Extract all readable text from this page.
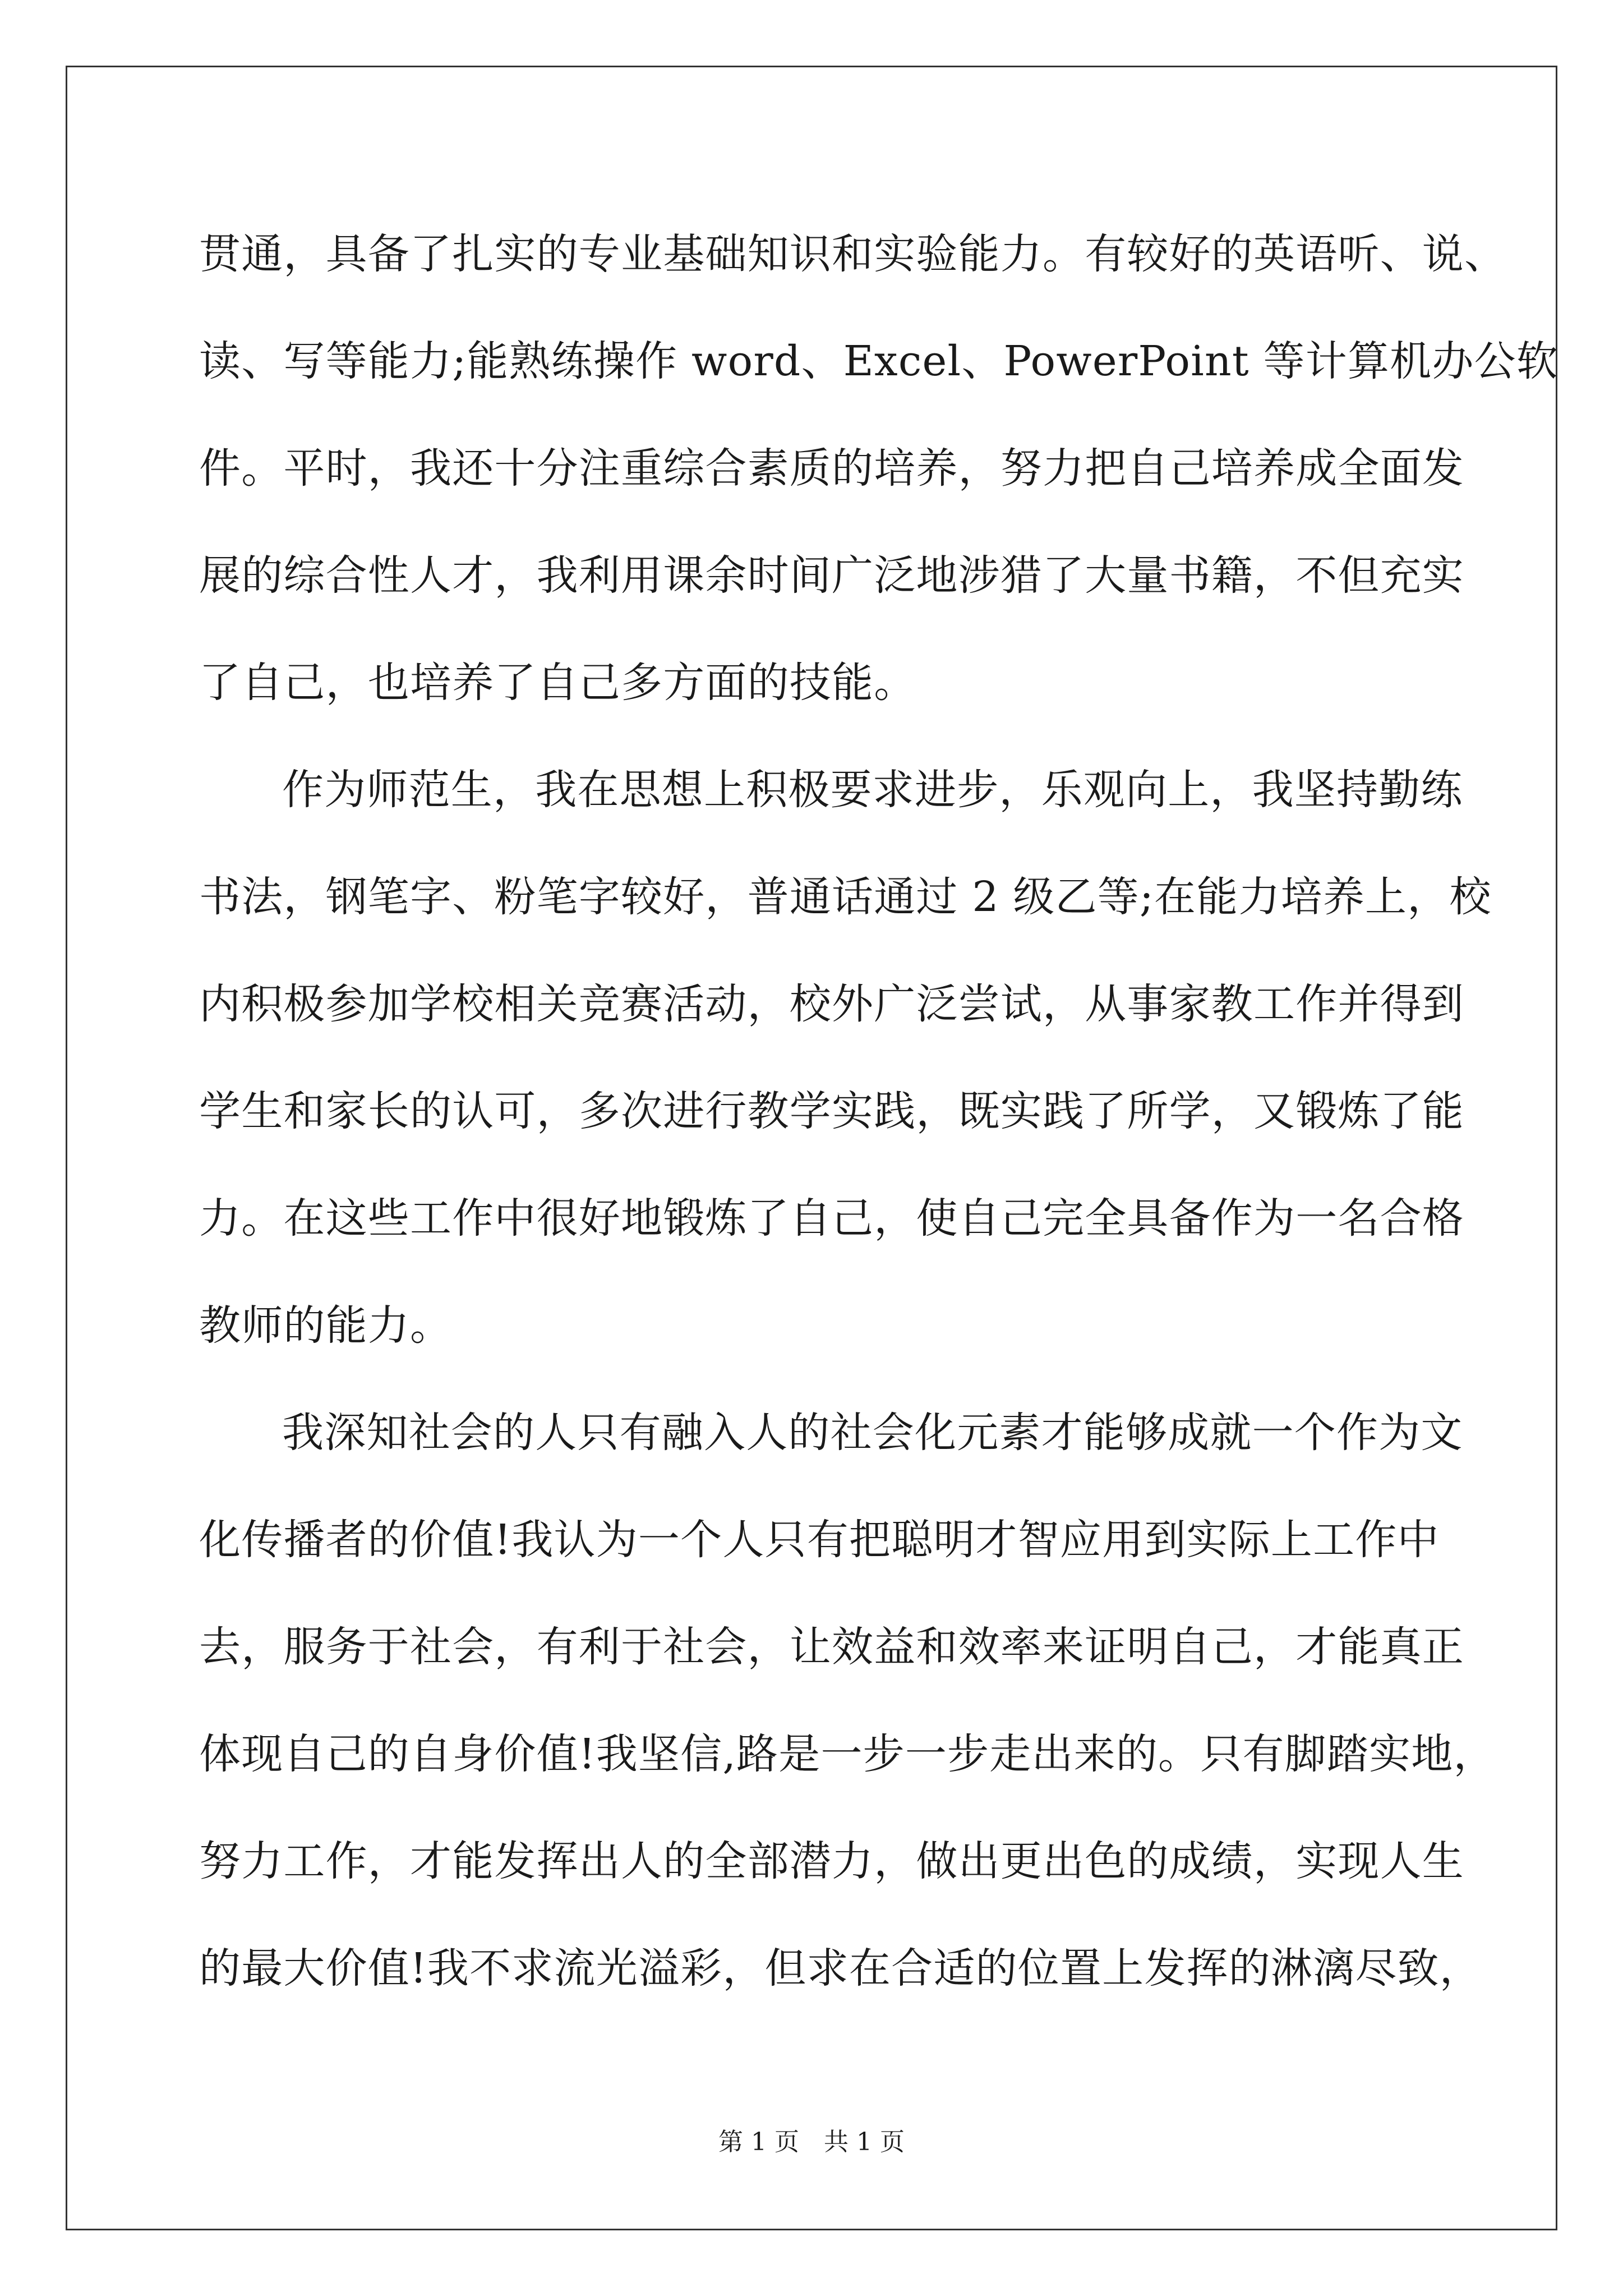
贯通，具备了扎实的专业基础知识和实验能力。有较好的英语听、说、
读、写等能力;能熟练操作 word、Excel、PowerPoint 等计算机办公软
件。平时，我还十分注重综合素质的培养，努力把自己培养成全面发
展的综合性人才，我利用课余时间广泛地涉猎了大量书籍，不但充实
了自己，也培养了自己多方面的技能。
作为师范生，我在思想上积极要求进步，乐观向上，我坚持勤练
书法，钢笔字、粉笔字较好，普通话通过 2 级乙等;在能力培养上，校
内积极参加学校相关竞赛活动，校外广泛尝试，从事家教工作并得到
学生和家长的认可，多次进行教学实践，既实践了所学，又锻炼了能
力。在这些工作中很好地锻炼了自己，使自己完全具备作为一名合格
教师的能力。
我深知社会的人只有融入人的社会化元素才能够成就一个作为文
化传播者的价值!我认为一个人只有把聪明才智应用到实际上工作中
去，服务于社会，有利于社会，让效益和效率来证明自己，才能真正
体现自己的自身价值!我坚信,路是一步一步走出来的。只有脚踏实地，
努力工作，才能发挥出人的全部潜力，做出更出色的成绩，实现人生
的最大价值!我不求流光溢彩，但求在合适的位置上发挥的淋漓尽致，
第 1 页 共 1 页
